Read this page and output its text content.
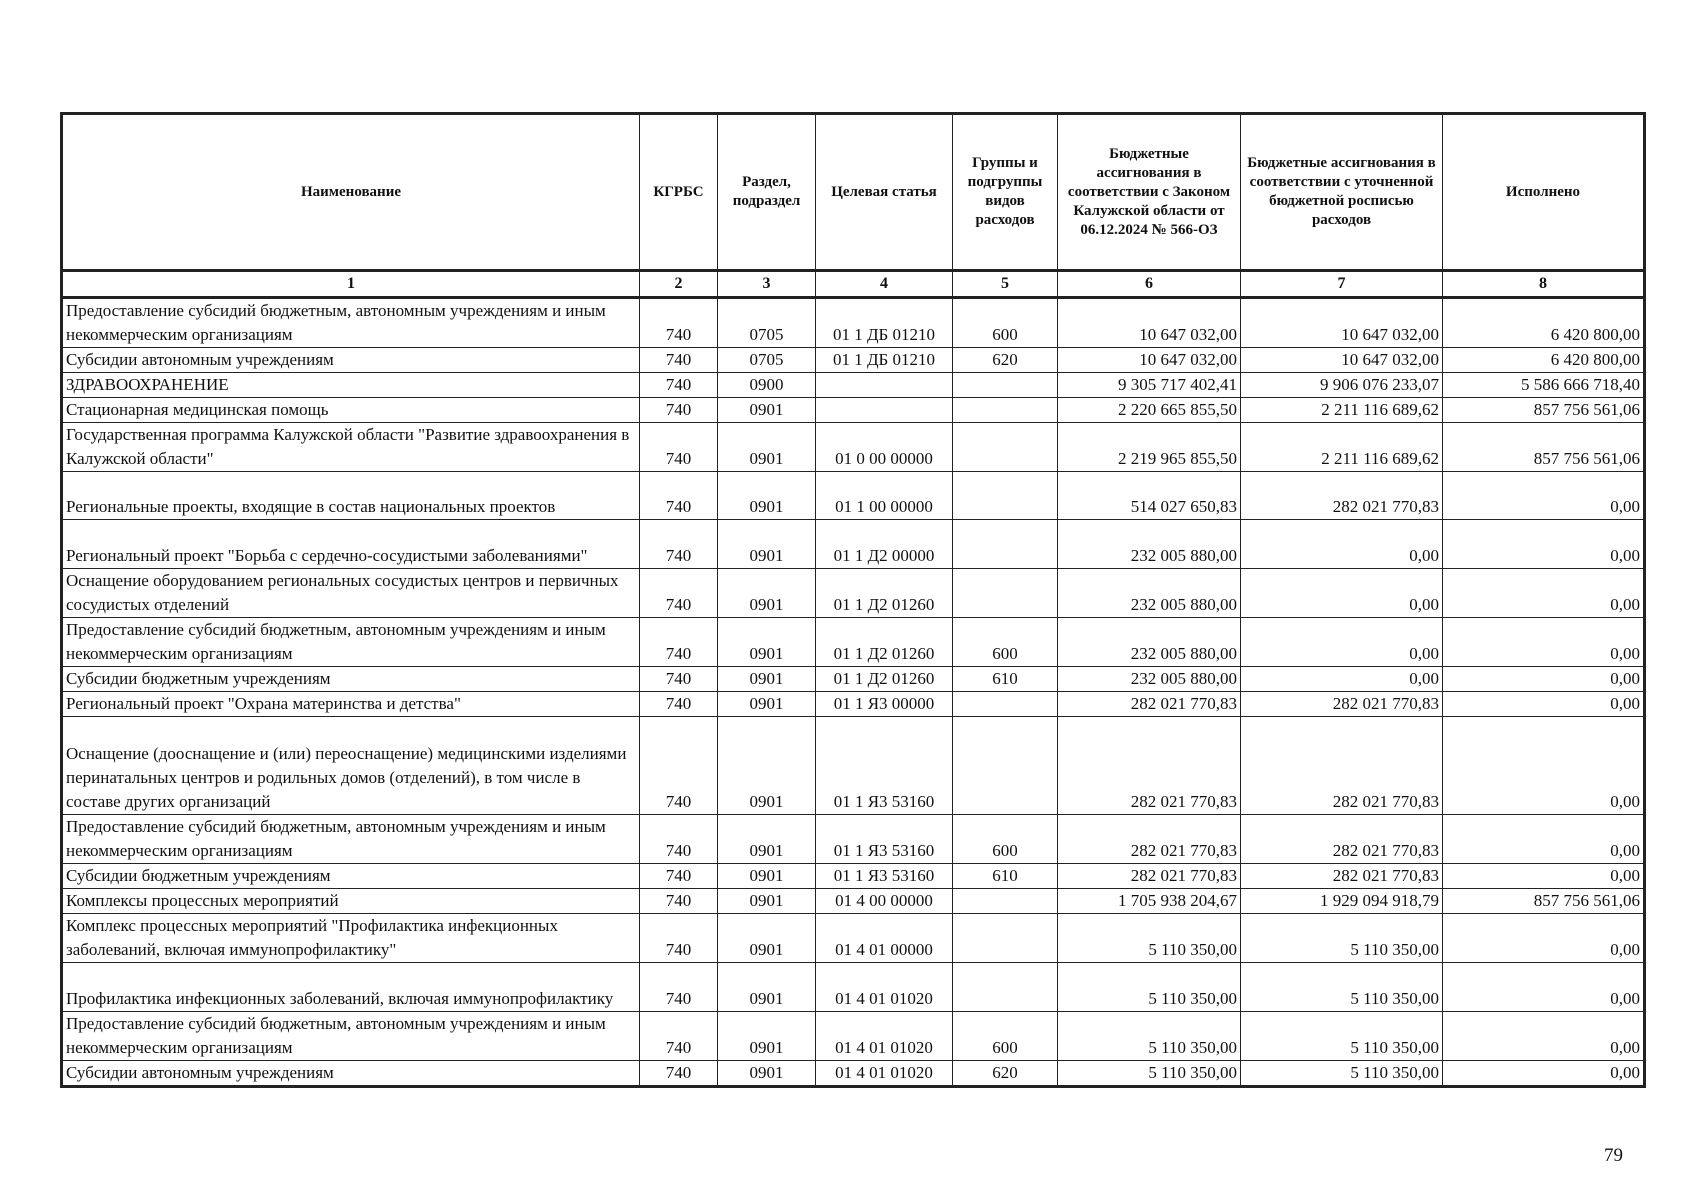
Наименование	КГРБС	Раздел, подраздел	Целевая статья	Группы и подгруппы видов расходов	Бюджетные ассигнования в соответствии с Законом Калужской области от 06.12.2024 № 566-ОЗ	Бюджетные ассигнования в соответствии с уточненной бюджетной росписью расходов	Исполнено
1	2	3	4	5	6	7	8
Предоставление субсидий бюджетным, автономным учреждениям и иным некоммерческим организациям	740	0705	01 1 ДБ 01210	600	10 647 032,00	10 647 032,00	6 420 800,00
Субсидии автономным учреждениям	740	0705	01 1 ДБ 01210	620	10 647 032,00	10 647 032,00	6 420 800,00
ЗДРАВООХРАНЕНИЕ	740	0900			9 305 717 402,41	9 906 076 233,07	5 586 666 718,40
Стационарная медицинская помощь	740	0901			2 220 665 855,50	2 211 116 689,62	857 756 561,06
Государственная программа Калужской области "Развитие здравоохранения в Калужской области"	740	0901	01 0 00 00000		2 219 965 855,50	2 211 116 689,62	857 756 561,06
Региональные проекты, входящие в состав национальных проектов	740	0901	01 1 00 00000		514 027 650,83	282 021 770,83	0,00
Региональный проект "Борьба с сердечно-сосудистыми заболеваниями"	740	0901	01 1 Д2 00000		232 005 880,00	0,00	0,00
Оснащение оборудованием региональных сосудистых центров и первичных сосудистых отделений	740	0901	01 1 Д2 01260		232 005 880,00	0,00	0,00
Предоставление субсидий бюджетным, автономным учреждениям и иным некоммерческим организациям	740	0901	01 1 Д2 01260	600	232 005 880,00	0,00	0,00
Субсидии бюджетным учреждениям	740	0901	01 1 Д2 01260	610	232 005 880,00	0,00	0,00
Региональный проект "Охрана материнства и детства"	740	0901	01 1 Я3 00000		282 021 770,83	282 021 770,83	0,00
Оснащение (дооснащение и (или) переоснащение) медицинскими изделиями перинатальных центров и родильных домов (отделений), в том числе в составе других организаций	740	0901	01 1 Я3 53160		282 021 770,83	282 021 770,83	0,00
Предоставление субсидий бюджетным, автономным учреждениям и иным некоммерческим организациям	740	0901	01 1 Я3 53160	600	282 021 770,83	282 021 770,83	0,00
Субсидии бюджетным учреждениям	740	0901	01 1 Я3 53160	610	282 021 770,83	282 021 770,83	0,00
Комплексы процессных мероприятий	740	0901	01 4 00 00000		1 705 938 204,67	1 929 094 918,79	857 756 561,06
Комплекс процессных мероприятий "Профилактика инфекционных заболеваний, включая иммунопрофилактику"	740	0901	01 4 01 00000		5 110 350,00	5 110 350,00	0,00
Профилактика инфекционных заболеваний, включая иммунопрофилактику	740	0901	01 4 01 01020		5 110 350,00	5 110 350,00	0,00
Предоставление субсидий бюджетным, автономным учреждениям и иным некоммерческим организациям	740	0901	01 4 01 01020	600	5 110 350,00	5 110 350,00	0,00
Субсидии автономным учреждениям	740	0901	01 4 01 01020	620	5 110 350,00	5 110 350,00	0,00
79
